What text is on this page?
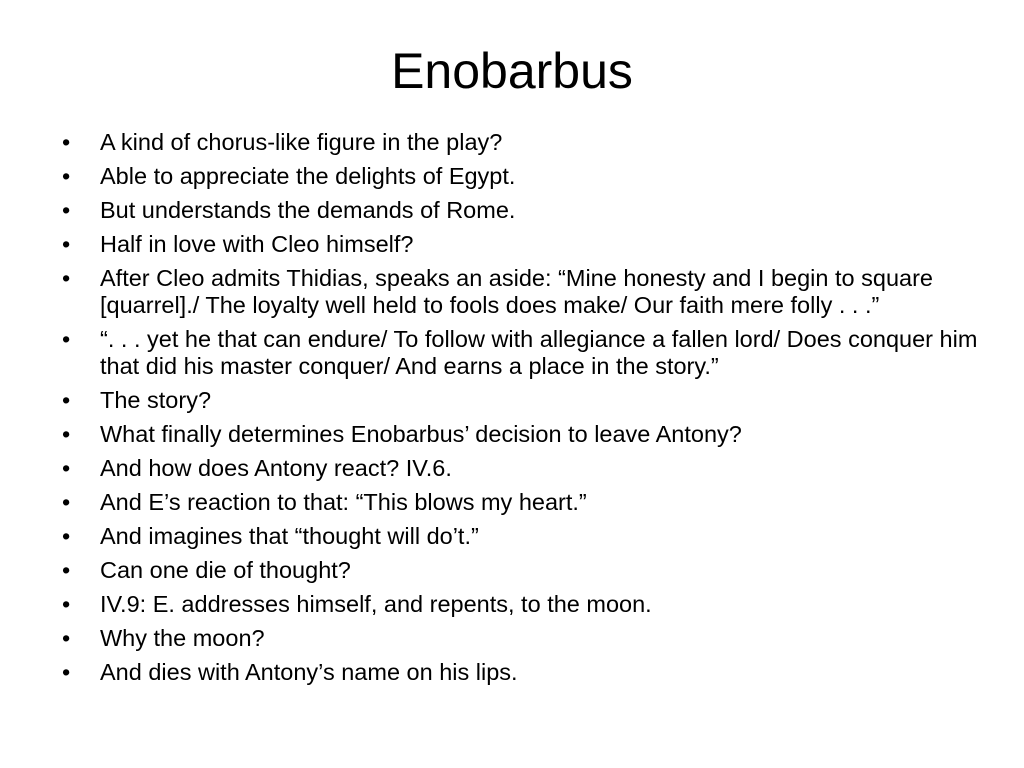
Enobarbus
•	A kind of chorus-like figure in the play?
•	Able to appreciate the delights of Egypt.
•	But understands the demands of Rome.
•	Half in love with Cleo himself?
•	After Cleo admits Thidias, speaks an aside: “Mine honesty and I begin to square [quarrel]./ The loyalty well held to fools does make/ Our faith mere folly . . .”
•	“. . . yet he that can endure/ To follow with allegiance a fallen lord/ Does conquer him that did his master conquer/ And earns a place in the story.”
•	The story?
•	What finally determines Enobarbus’ decision to leave Antony?
•	And how does Antony react? IV.6.
•	And E’s reaction to that: “This blows my heart.”
•	And imagines that “thought will do’t.”
•	Can one die of thought?
•	IV.9: E. addresses himself, and repents, to the moon.
•	Why the moon?
•	And dies with Antony’s name on his lips.
